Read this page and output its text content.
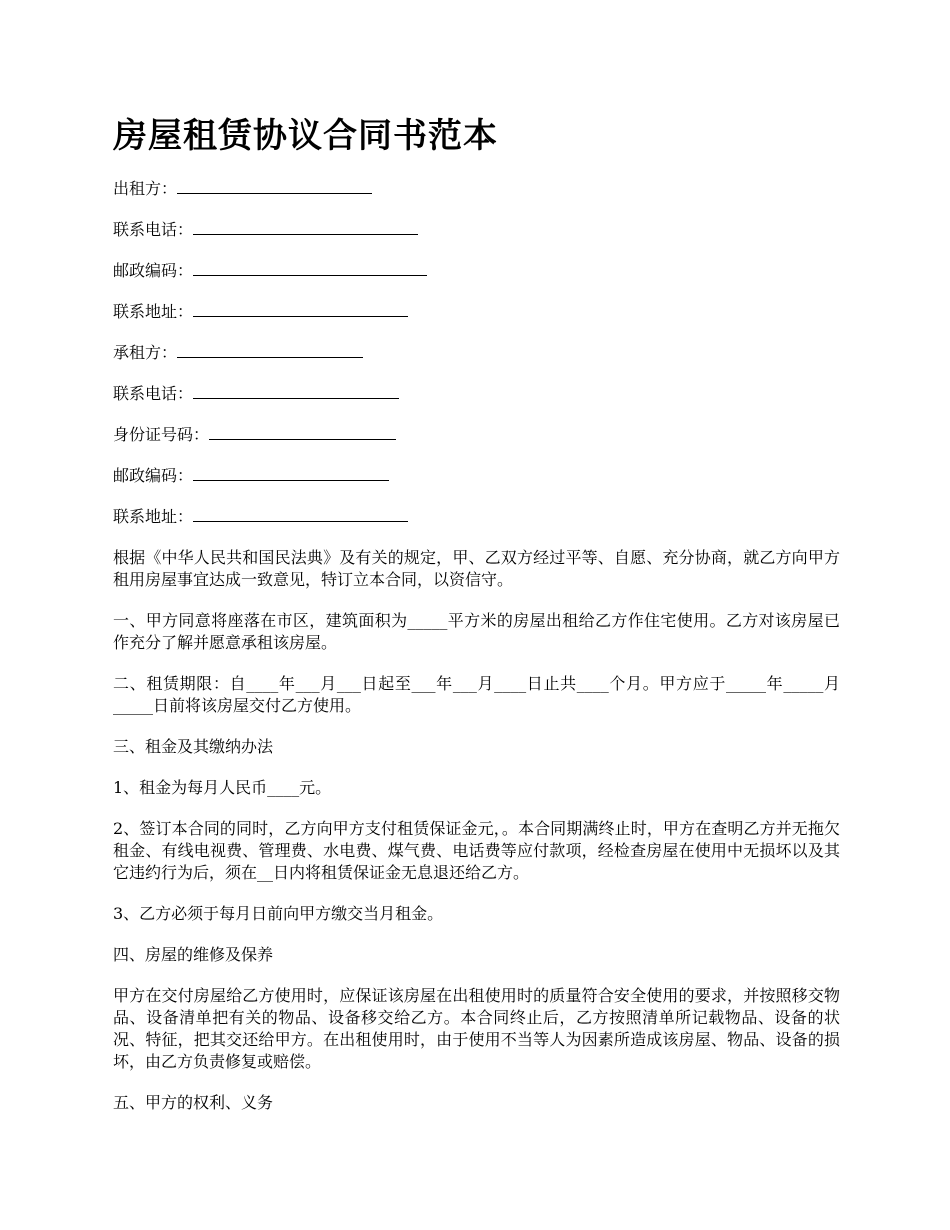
房屋租赁协议合同书范本
出租方：
联系电话：
邮政编码：
联系地址：
承租方：
联系电话：
身份证号码：
邮政编码：
联系地址：

根据《中华人民共和国民法典》及有关的规定，甲、乙双方经过平等、自愿、充分协商，就乙方向甲方租用房屋事宜达成一致意见，特订立本合同，以资信守。

一、甲方同意将座落在市区，建筑面积为_____平方米的房屋出租给乙方作住宅使用。乙方对该房屋已作充分了解并愿意承租该房屋。

二、租赁期限：自____年___月___日起至___年___月____日止共____个月。甲方应于_____年_____月_____日前将该房屋交付乙方使用。

三、租金及其缴纳办法

1、租金为每月人民币____元。

2、签订本合同的同时，乙方向甲方支付租赁保证金元，。本合同期满终止时，甲方在查明乙方并无拖欠租金、有线电视费、管理费、水电费、煤气费、电话费等应付款项，经检查房屋在使用中无损坏以及其它违约行为后，须在__日内将租赁保证金无息退还给乙方。

3、乙方必须于每月日前向甲方缴交当月租金。

四、房屋的维修及保养

甲方在交付房屋给乙方使用时，应保证该房屋在出租使用时的质量符合安全使用的要求，并按照移交物品、设备清单把有关的物品、设备移交给乙方。本合同终止后，乙方按照清单所记载物品、设备的状况、特征，把其交还给甲方。在出租使用时，由于使用不当等人为因素所造成该房屋、物品、设备的损坏，由乙方负责修复或赔偿。

五、甲方的权利、义务
